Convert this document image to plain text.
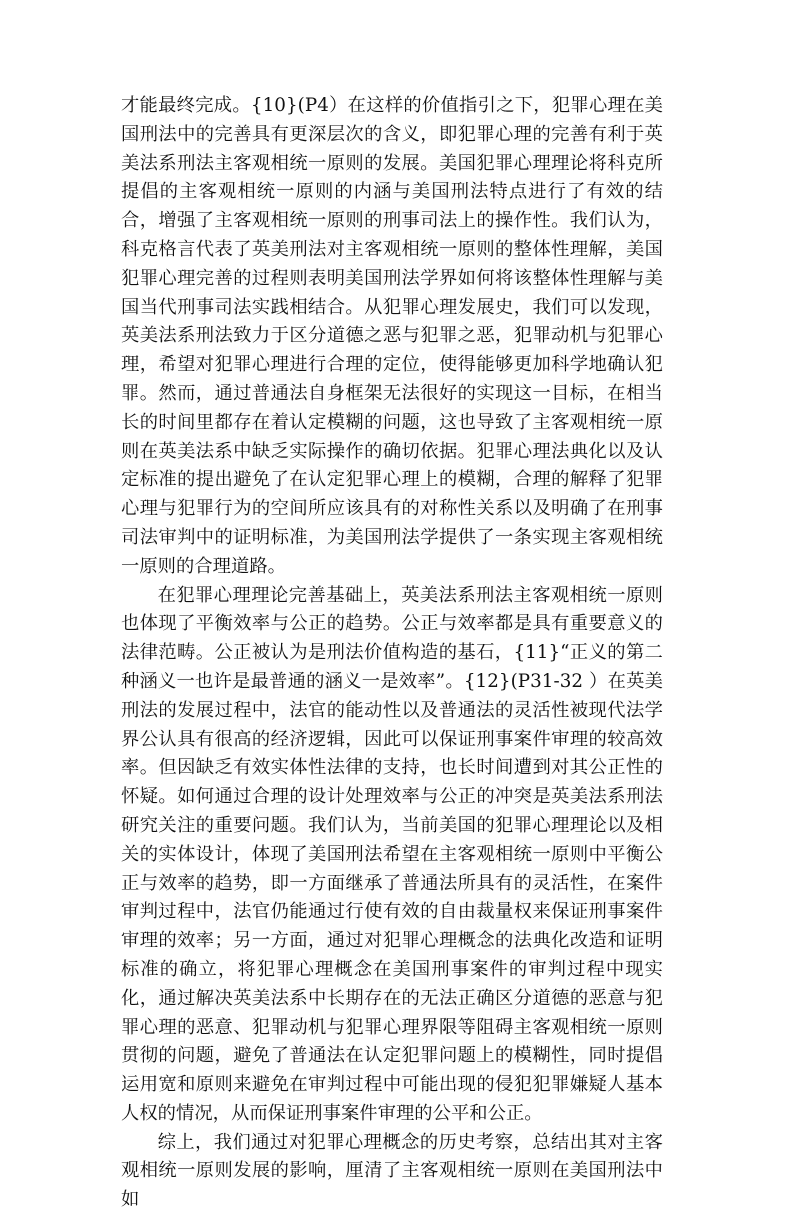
才能最终完成。{10}(P4）在这样的价值指引之下，犯罪心理在美国刑法中的完善具有更深层次的含义，即犯罪心理的完善有利于英美法系刑法主客观相统一原则的发展。美国犯罪心理理论将科克所提倡的主客观相统一原则的内涵与美国刑法特点进行了有效的结合，增强了主客观相统一原则的刑事司法上的操作性。我们认为，科克格言代表了英美刑法对主客观相统一原则的整体性理解，美国犯罪心理完善的过程则表明美国刑法学界如何将该整体性理解与美国当代刑事司法实践相结合。从犯罪心理发展史，我们可以发现，英美法系刑法致力于区分道德之恶与犯罪之恶，犯罪动机与犯罪心理，希望对犯罪心理进行合理的定位，使得能够更加科学地确认犯罪。然而，通过普通法自身框架无法很好的实现这一目标，在相当长的时间里都存在着认定模糊的问题，这也导致了主客观相统一原则在英美法系中缺乏实际操作的确切依据。犯罪心理法典化以及认定标准的提出避免了在认定犯罪心理上的模糊，合理的解释了犯罪心理与犯罪行为的空间所应该具有的对称性关系以及明确了在刑事司法审判中的证明标准，为美国刑法学提供了一条实现主客观相统一原则的合理道路。

在犯罪心理理论完善基础上，英美法系刑法主客观相统一原则也体现了平衡效率与公正的趋势。公正与效率都是具有重要意义的法律范畴。公正被认为是刑法价值构造的基石，{11}“正义的第二种涵义一也许是最普通的涵义一是效率”。{12}(P31-32 ）在英美刑法的发展过程中，法官的能动性以及普通法的灵活性被现代法学界公认具有很高的经济逻辑，因此可以保证刑事案件审理的较高效率。但因缺乏有效实体性法律的支持，也长时间遭到对其公正性的怀疑。如何通过合理的设计处理效率与公正的冲突是英美法系刑法研究关注的重要问题。我们认为，当前美国的犯罪心理理论以及相关的实体设计，体现了美国刑法希望在主客观相统一原则中平衡公正与效率的趋势，即一方面继承了普通法所具有的灵活性，在案件审判过程中，法官仍能通过行使有效的自由裁量权来保证刑事案件审理的效率；另一方面，通过对犯罪心理概念的法典化改造和证明标准的确立，将犯罪心理概念在美国刑事案件的审判过程中现实化，通过解决英美法系中长期存在的无法正确区分道德的恶意与犯罪心理的恶意、犯罪动机与犯罪心理界限等阻碍主客观相统一原则贯彻的问题，避免了普通法在认定犯罪问题上的模糊性，同时提倡运用宽和原则来避免在审判过程中可能出现的侵犯犯罪嫌疑人基本人权的情况，从而保证刑事案件审理的公平和公正。

综上，我们通过对犯罪心理概念的历史考察，总结出其对主客观相统一原则发展的影响，厘清了主客观相统一原则在美国刑法中如
